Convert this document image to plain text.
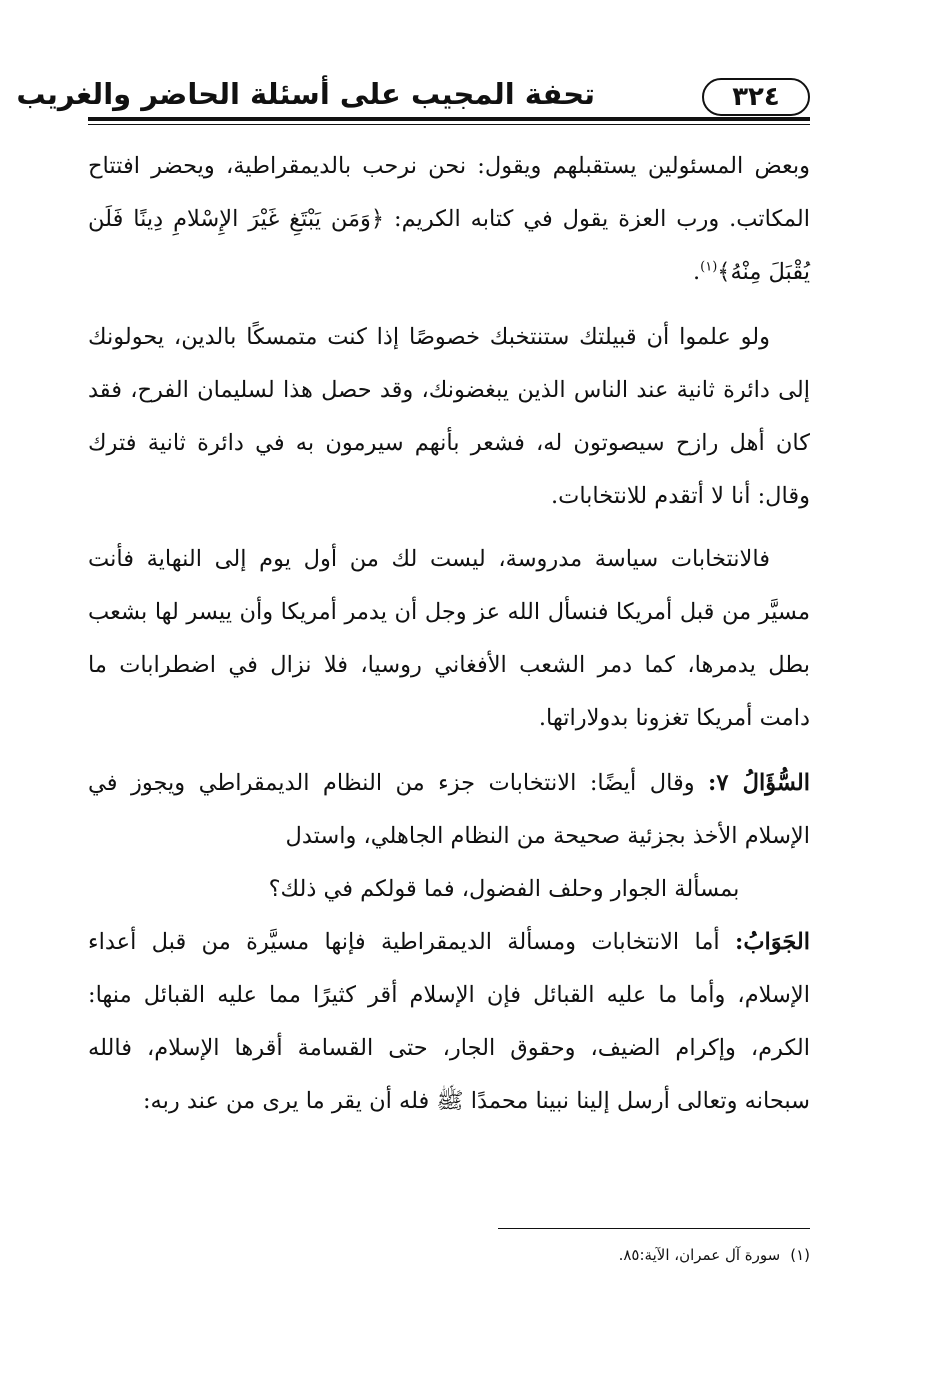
٣٢٤
تحفة المجيب على أسئلة الحاضر والغريب

وبعض المسئولين يستقبلهم ويقول: نحن نرحب بالديمقراطية، ويحضر افتتاح المكاتب. ورب العزة يقول في كتابه الكريم: ﴿وَمَن يَبْتَغِ غَيْرَ الإِسْلامِ دِينًا فَلَن يُقْبَلَ مِنْهُ﴾$^{(١)}$.

ولو علموا أن قبيلتك ستنتخبك خصوصًا إذا كنت متمسكًا بالدين، يحولونك إلى دائرة ثانية عند الناس الذين يبغضونك، وقد حصل هذا لسليمان الفرح، فقد كان أهل رازح سيصوتون له، فشعر بأنهم سيرمون به في دائرة ثانية فترك وقال: أنا لا أتقدم للانتخابات.

فالانتخابات سياسة مدروسة، ليست لك من أول يوم إلى النهاية فأنت مسيَّر من قبل أمريكا فنسأل الله عز وجل أن يدمر أمريكا وأن ييسر لها بشعب بطل يدمرها، كما دمر الشعب الأفغاني روسيا، فلا نزال في اضطرابات ما دامت أمريكا تغزونا بدولاراتها.

السُّؤَالُ ٧: وقال أيضًا: الانتخابات جزء من النظام الديمقراطي ويجوز في الإسلام الأخذ بجزئية صحيحة من النظام الجاهلي، واستدل

بمسألة الجوار وحلف الفضول، فما قولكم في ذلك؟

الجَوَابُ: أما الانتخابات ومسألة الديمقراطية فإنها مسيَّرة من قبل أعداء الإسلام، وأما ما عليه القبائل فإن الإسلام أقر كثيرًا مما عليه القبائل منها: الكرم، وإكرام الضيف، وحقوق الجار، حتى القسامة أقرها الإسلام، فالله سبحانه وتعالى أرسل إلينا نبينا محمدًا ﷺ فله أن يقر ما يرى من عند ربه:

(١)سورة آل عمران، الآية:٨٥.
